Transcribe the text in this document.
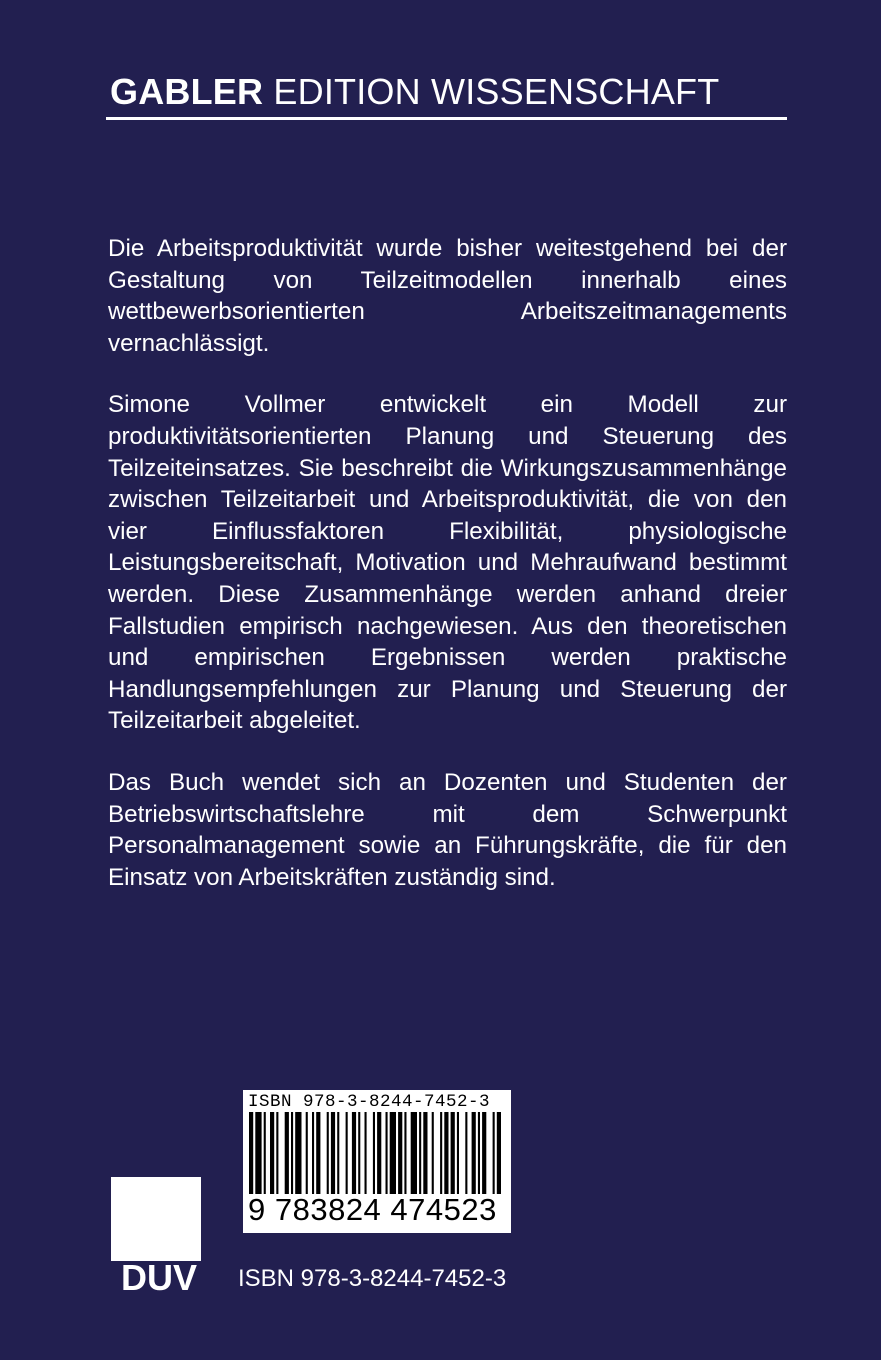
GABLER EDITION WISSENSCHAFT

Die Arbeitsproduktivität wurde bisher weitestgehend bei der Gestaltung von Teilzeitmodellen innerhalb eines wettbewerbsorientierten Arbeitszeitmanagements vernachlässigt.

Simone Vollmer entwickelt ein Modell zur produktivitätsorientierten Planung und Steuerung des Teilzeiteinsatzes. Sie beschreibt die Wirkungszusammenhänge zwischen Teilzeitarbeit und Arbeitsproduktivität, die von den vier Einflussfaktoren Flexibilität, physiologische Leistungsbereitschaft, Motivation und Mehraufwand bestimmt werden. Diese Zusammenhänge werden anhand dreier Fallstudien empirisch nachgewiesen. Aus den theoretischen und empirischen Ergebnissen werden praktische Handlungsempfehlungen zur Planung und Steuerung der Teilzeitarbeit abgeleitet.

Das Buch wendet sich an Dozenten und Studenten der Betriebswirtschaftslehre mit dem Schwerpunkt Personalmanagement sowie an Führungskräfte, die für den Einsatz von Arbeitskräften zuständig sind.

ISBN 978-3-8244-7452-3
9 783824 474523
DUV ISBN 978-3-8244-7452-3
